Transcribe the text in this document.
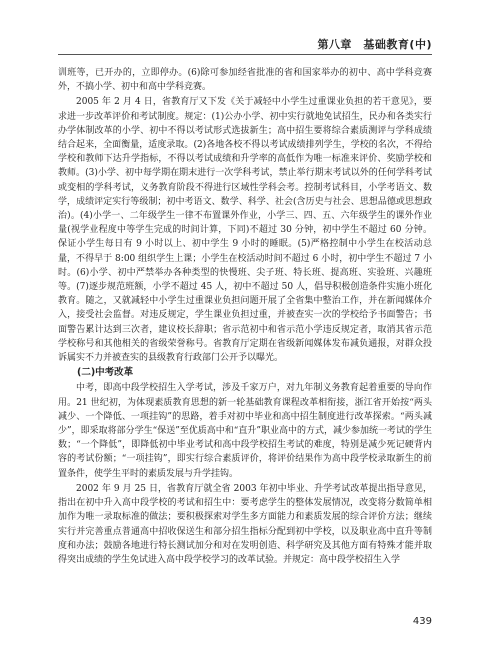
第八章　基础教育(中)

训班等，已开办的，立即停办。(6)除可参加经省批准的省和国家举办的初中、高中学科竞赛外，不搞小学、初中和高中学科竞赛。

2005 年 2 月 4 日，省教育厅又下发《关于减轻中小学生过重课业负担的若干意见》，要求进一步改革评价和考试制度。规定：(1)公办小学、初中实行就地免试招生，民办和各类实行办学体制改革的小学、初中不得以考试形式选拔新生；高中招生要将综合素质测评与学科成绩结合起来，全面衡量，适度录取。(2)各地各校不得以考试成绩排列学生，学校的名次，不得给学校和教师下达升学指标，不得以考试成绩和升学率的高低作为唯一标准来评价、奖励学校和教师。(3)小学、初中每学期在期末进行一次学科考试，禁止举行期末考试以外的任何学科考试或变相的学科考试，义务教育阶段不得进行区域性学科会考。控制考试科目，小学考语文、数学，成绩评定实行等级制；初中考语文、数学、科学、社会(含历史与社会、思想品德或思想政治)。(4)小学一、二年级学生一律不布置课外作业，小学三、四、五、六年级学生的课外作业量(视学业程度中等学生完成的时间计算，下同)不超过 30 分钟，初中学生不超过 60 分钟。保证小学生每日有 9 小时以上、初中学生 9 小时的睡眠。(5)严格控制中小学生在校活动总量，不得早于 8:00 组织学生上课；小学生在校活动时间不超过 6 小时，初中学生不超过 7 小时。(6)小学、初中严禁举办各种类型的快慢班、尖子班、特长班、提高班、实验班、兴趣班等。(7)逐步规范班额，小学不超过 45 人，初中不超过 50 人，倡导积极创造条件实施小班化教育。随之，又就减轻中小学生过重课业负担问题开展了全省集中整治工作，并在新闻媒体介入，接受社会监督。对违反规定，学生课业负担过重，并被查实一次的学校给予书面警告；书面警告累计达到三次者，建议校长辞职；省示范初中和省示范小学违反规定者，取消其省示范学校称号和其他相关的省级荣誉称号。省教育厅定期在省级新闻媒体发布减负通报，对群众投诉属实不力并被查实的县级教育行政部门公开予以曝光。

(二)中考改革

中考，即高中段学校招生入学考试，涉及千家万户，对九年制义务教育起着重要的导向作用。21 世纪初，为体现素质教育思想的新一轮基础教育课程改革相衔接，浙江省开始按“两头减少、一个降低、一项挂钩”的思路，着手对初中毕业和高中招生制度进行改革探索。“两头减少”，即采取将部分学生“保送”至优质高中和“直升”职业高中的方式，减少参加统一考试的学生数；“一个降低”，即降低初中毕业考试和高中段学校招生考试的难度，特别是减少死记硬背内容的考试份额；“一项挂钩”，即实行综合素质评价，将评价结果作为高中段学校录取新生的前置条件，使学生平时的素质发展与升学挂钩。

2002 年 9 月 25 日，省教育厅就全省 2003 年初中毕业、升学考试改革提出指导意见，指出在初中升入高中段学校的考试和招生中：要考虑学生的整体发展情况，改变将分数简单相加作为唯一录取标准的做法；要积极探索对学生多方面能力和素质发展的综合评价方法；继续实行并完善重点普通高中招收保送生和部分招生指标分配到初中学校，以及职业高中直升等制度和办法；鼓励各地进行特长测试加分和对在发明创造、科学研究及其他方面有特殊才能并取得突出成绩的学生免试进入高中段学校学习的改革试验。并规定：高中段学校招生入学

439
